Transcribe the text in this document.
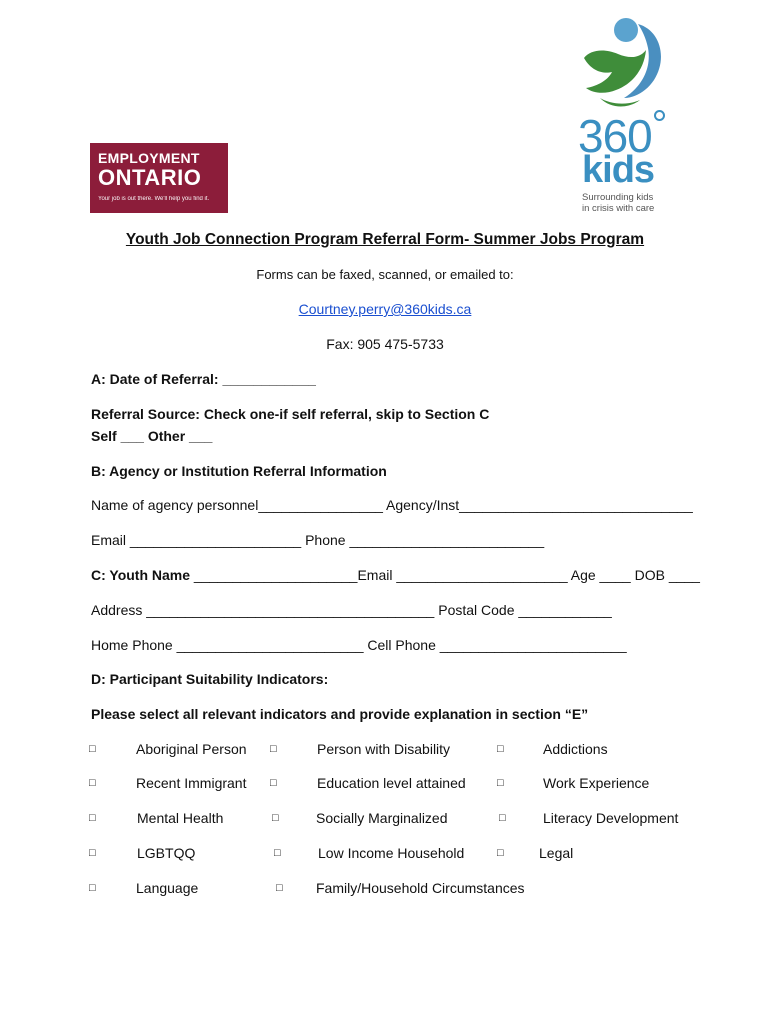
EMPLOYMENT
ONTARIO
Your job is out there. We'll help you find it.
360
kids
Surrounding kids
in crisis with care
Youth Job Connection Program Referral Form- Summer Jobs Program
Forms can be faxed, scanned, or emailed to:
Courtney.perry@360kids.ca
Fax: 905 475-5733
A: Date of Referral: ____________
Referral Source: Check one-if self referral, skip to Section C
Self ___ Other ___
B: Agency or Institution Referral Information
Name of agency personnel________________ Agency/Inst______________________________
Email ______________________ Phone _________________________
C: Youth Name _____________________Email ______________________ Age ____ DOB ____
Address _____________________________________ Postal Code ____________
Home Phone ________________________ Cell Phone ________________________
D: Participant Suitability Indicators:
Please select all relevant indicators and provide explanation in section “E”
□	Aboriginal Person □	Person with Disability	□	Addictions
□	Recent Immigrant □	Education level attained	□	Work Experience
□	Mental Health	□	Socially Marginalized	□	Literacy Development
□	LGBTQQ	□	Low Income Household	□	Legal
□	Language	□ Family/Household Circumstances
